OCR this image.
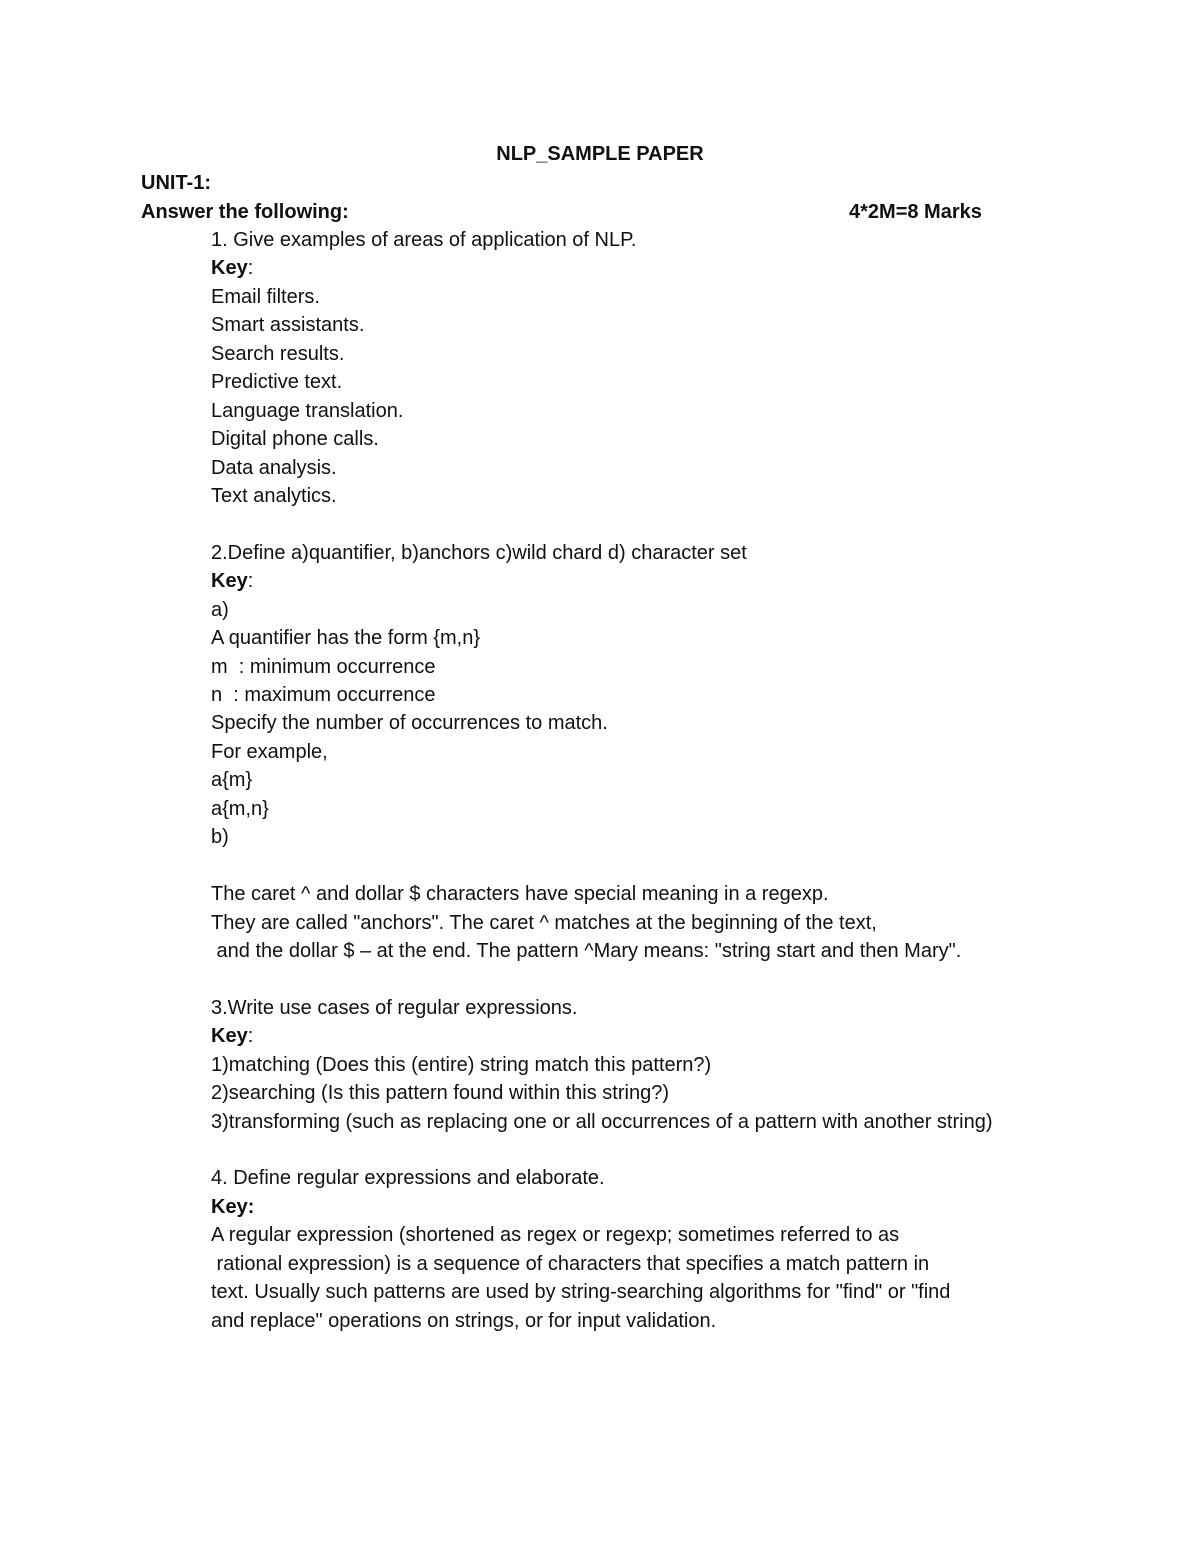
NLP_SAMPLE PAPER
UNIT-1:
Answer the following:	4*2M=8 Marks
1. Give examples of areas of application of NLP.
Key:
Email filters.
Smart assistants.
Search results.
Predictive text.
Language translation.
Digital phone calls.
Data analysis.
Text analytics.
2.Define a)quantifier, b)anchors c)wild chard d) character set
Key:
a)
A quantifier has the form {m,n}
m  : minimum occurrence
n  : maximum occurrence
Specify the number of occurrences to match.
For example,
a{m}
a{m,n}
b)
The caret ^ and dollar $ characters have special meaning in a regexp.
They are called "anchors". The caret ^ matches at the beginning of the text,
and the dollar $ – at the end. The pattern ^Mary means: "string start and then Mary".
3.Write use cases of regular expressions.
Key:
1)matching (Does this (entire) string match this pattern?)
2)searching (Is this pattern found within this string?)
3)transforming (such as replacing one or all occurrences of a pattern with another string)
4. Define regular expressions and elaborate.
Key:
A regular expression (shortened as regex or regexp; sometimes referred to as
rational expression) is a sequence of characters that specifies a match pattern in
text. Usually such patterns are used by string-searching algorithms for "find" or "find
and replace" operations on strings, or for input validation.
